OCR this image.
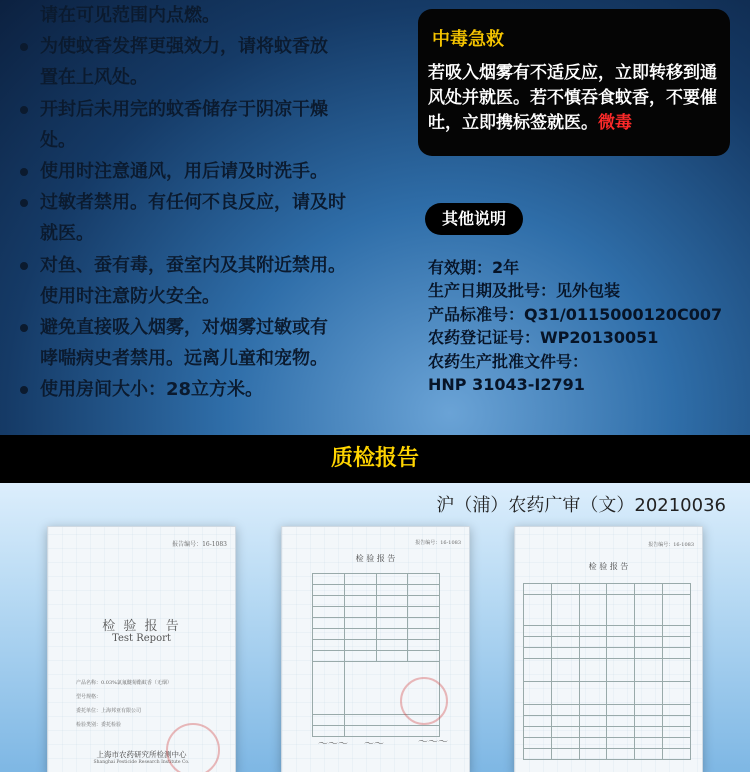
请在可见范围内点燃。
为使蚊香发挥更强效力，请将蚊香放
置在上风处。
开封后未用完的蚊香储存于阴凉干燥
处。
使用时注意通风，用后请及时洗手。
过敏者禁用。有任何不良反应，请及时
就医。
对鱼、蚕有毒，蚕室内及其附近禁用。
使用时注意防火安全。
避免直接吸入烟雾，对烟雾过敏或有
哮喘病史者禁用。远离儿童和宠物。
使用房间大小：28立方米。
中毒急救
若吸入烟雾有不适反应，立即转移到通风处并就医。若不慎吞食蚊香，不要催吐，立即携标签就医。微毒
其他说明
有效期：2年
生产日期及批号：见外包装
产品标准号：Q31/0115000120C007
农药登记证号：WP20130051
农药生产批准文件号：
HNP 31043-I2791
质检报告
沪（浦）农药广审（文）20210036
报告编号：16-1083
检 验 报 告
Test Report
产品名称：0.03%氯氟醚菊酯蚊香（无烟）
型号规格：
委托单位：上海邦亚有限公司
检验类别：委托检验
上海市农药研究所检测中心
Shanghai Pesticide Research Institute Co.
报告编号：16-1083
检 验 报 告

〜〜〜 〜〜	〜〜〜
报告编号：16-1083
检 验 报 告
